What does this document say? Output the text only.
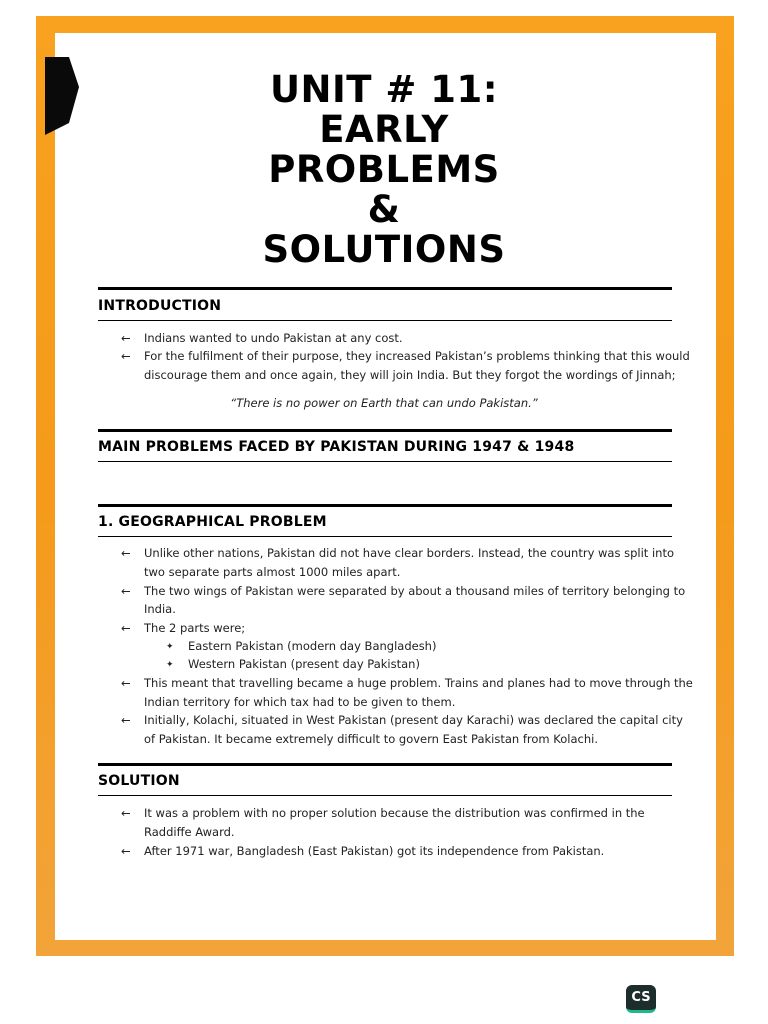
UNIT # 11:
EARLY
PROBLEMS
&
SOLUTIONS
INTRODUCTION
← Indians wanted to undo Pakistan at any cost.
← For the fulfilment of their purpose, they increased Pakistan’s problems thinking that this would
discourage them and once again, they will join India. But they forgot the wordings of Jinnah;
“There is no power on Earth that can undo Pakistan.”
MAIN PROBLEMS FACED BY PAKISTAN DURING 1947 & 1948
1. GEOGRAPHICAL PROBLEM
← Unlike other nations, Pakistan did not have clear borders. Instead, the country was split into
two separate parts almost 1000 miles apart.
← The two wings of Pakistan were separated by about a thousand miles of territory belonging to
India.
← The 2 parts were;
✦ Eastern Pakistan (modern day Bangladesh)
✦ Western Pakistan (present day Pakistan)
← This meant that travelling became a huge problem. Trains and planes had to move through the
Indian territory for which tax had to be given to them.
← Initially, Kolachi, situated in West Pakistan (present day Karachi) was declared the capital city
of Pakistan. It became extremely difficult to govern East Pakistan from Kolachi.
SOLUTION
← It was a problem with no proper solution because the distribution was confirmed in the
Raddiffe Award.
← After 1971 war, Bangladesh (East Pakistan) got its independence from Pakistan.
CS
